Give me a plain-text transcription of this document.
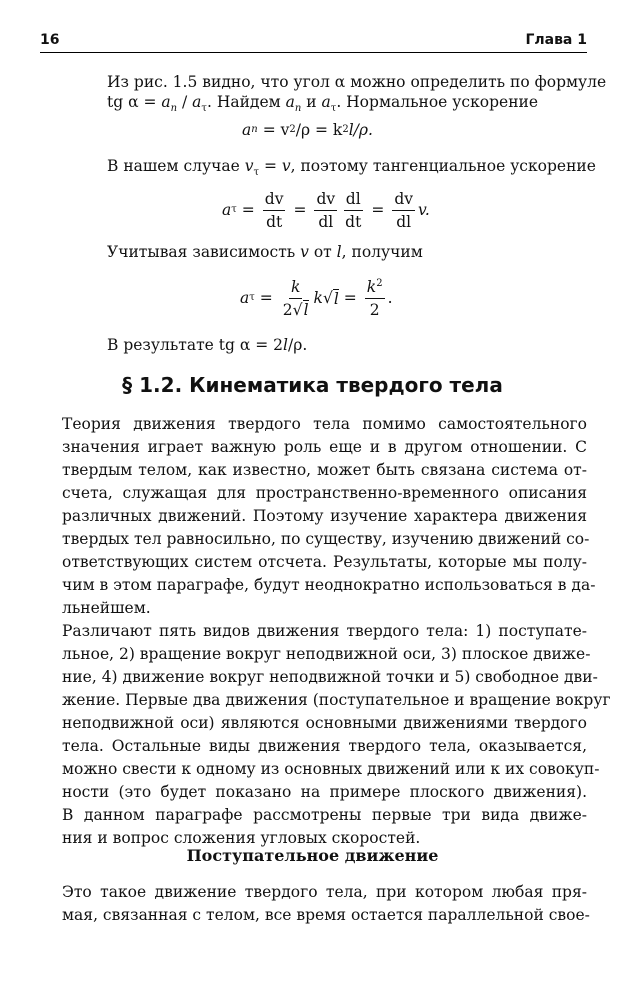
16	Глава 1
Из рис. 1.5 видно, что угол α можно определить по формуле
tg $\alpha = a_n / a_\tau$. Найдем $a_n$ и $a_\tau$. Нормальное ускорение
a n = v 2 /ρ = k 2 l/ρ.
В нашем случае $v_\tau = v$, поэтому тангенциальное ускорение
a $\tau = \frac{dv}{dt} = \frac{dv}{dl} \frac{dl}{dt} = \frac{dv}{dl} v$.
Учитывая зависимость v от l, получим
a $\tau = \frac{k}{2√l}$ k √ $l = \frac{k^2}{2}$ .
В результате tg α = 2l/ρ.
§ 1.2. Кинематика твердого тела
Теория движения твердого тела помимо самостоятельного
значения играет важную роль еще и в другом отношении. С
твердым телом, как известно, может быть связана система от-
счета, служащая для пространственно-временного описания
различных движений. Поэтому изучение характера движения
твердых тел равносильно, по существу, изучению движений со-
ответствующих систем отсчета. Результаты, которые мы полу-
чим в этом параграфе, будут неоднократно использоваться в да-
льнейшем.
Различают пять видов движения твердого тела: 1) поступате-
льное, 2) вращение вокруг неподвижной оси, 3) плоское движе-
ние, 4) движение вокруг неподвижной точки и 5) свободное дви-
жение. Первые два движения (поступательное и вращение вокруг
неподвижной оси) являются основными движениями твердого
тела. Остальные виды движения твердого тела, оказывается,
можно свести к одному из основных движений или к их совокуп-
ности (это будет показано на примере плоского движения).
В данном параграфе рассмотрены первые три вида движе-
ния и вопрос сложения угловых скоростей.
Поступательное движение
Это такое движение твердого тела, при котором любая пря-
мая, связанная с телом, все время остается параллельной свое-
